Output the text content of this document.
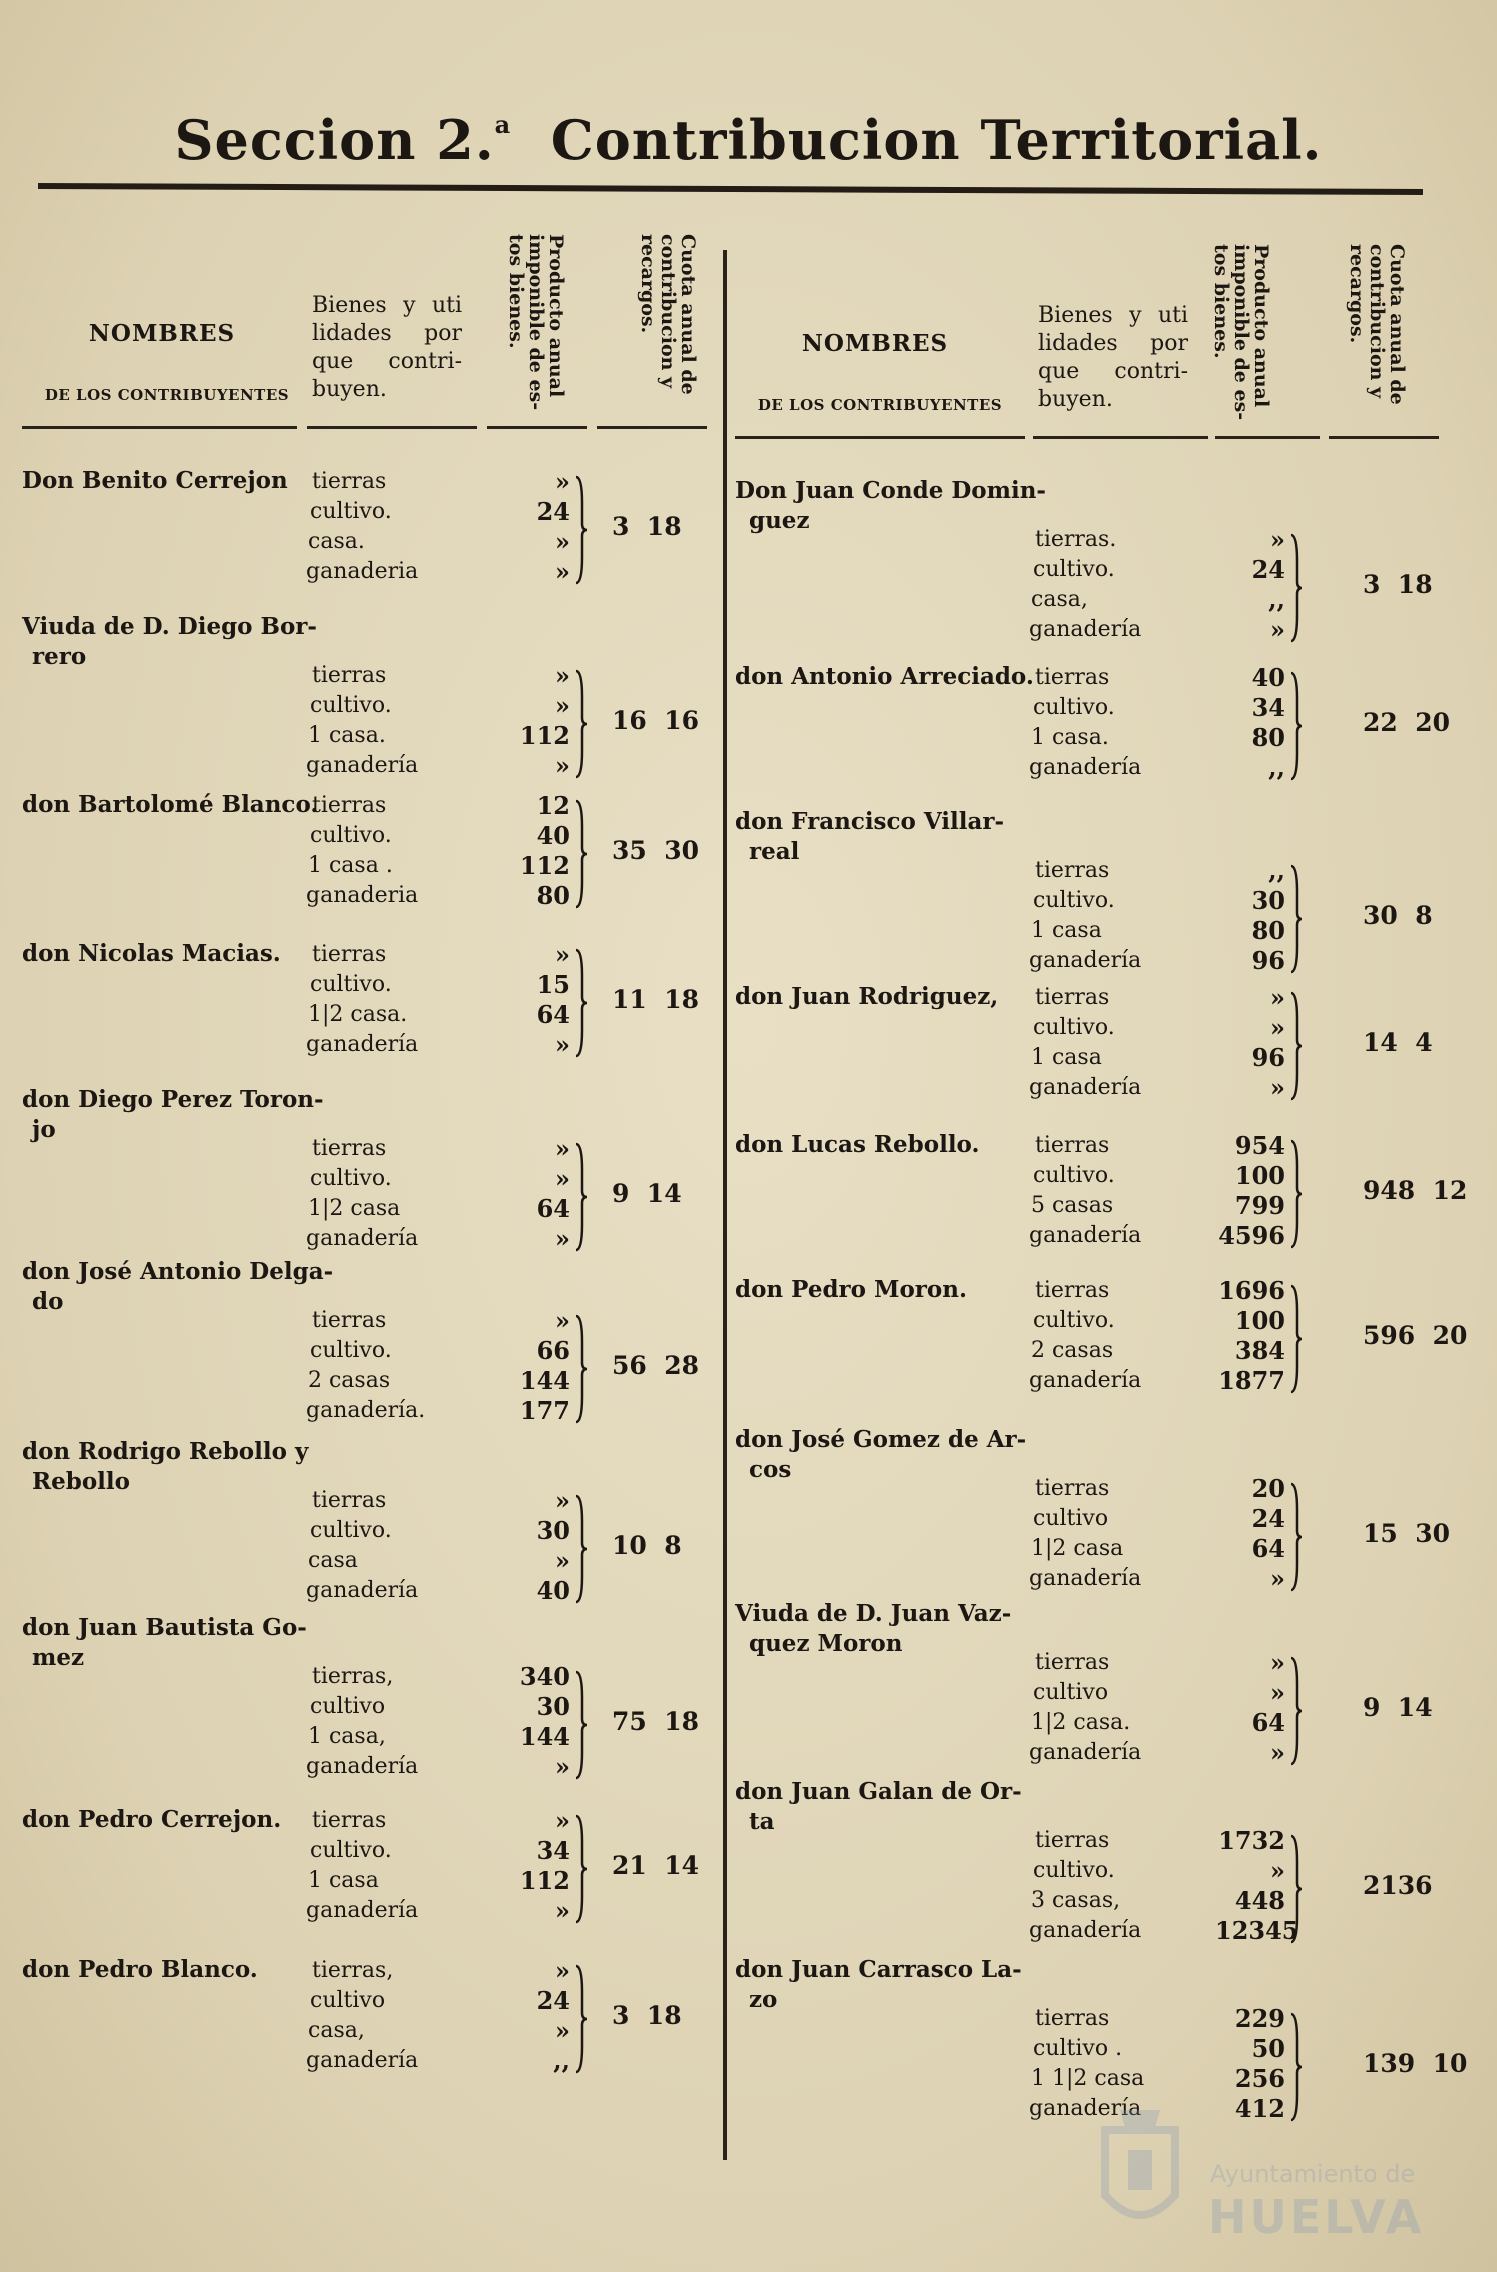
Seccion 2.$^a$ Contribucion Territorial.
NOMBRES
DE LOS CONTRIBUYENTES
Bienes y uti lidades por que contri- buyen.	Producto anual imponible de es- tos bienes.	Cuota anual de contribucion y recargos.
Don Benito Cerrejon tierras	»
cultivo.	24
casa.	»
ganaderia	»
3  18
Viuda de D. Diego Bor-
rero
tierras	»
cultivo.	»
1 casa.	112
ganadería	»
16  16
don Bartolomé Blanco.
tierras	12
cultivo.	40
1 casa .	112
ganaderia	80
35  30
don Nicolas Macias. tierras	»
cultivo.	15
1|2 casa.	64
ganadería	»
11  18
don Diego Perez Toron-
jo
tierras	»
cultivo.	»
1|2 casa	64
ganadería	»
9  14
don José Antonio Delga-
do
tierras	»
cultivo.	66
2 casas	144
ganadería.	177
56  28
don Rodrigo Rebollo y
Rebollo
tierras	»
cultivo.	30
casa	»
ganadería	40
10  8
don Juan Bautista Go-
mez
tierras,	340
cultivo	30
1 casa,	144
ganadería	»
75  18
don Pedro Cerrejon. tierras	»
cultivo.	34
1 casa	112
ganadería	»
21  14
don Pedro Blanco. tierras,	»
cultivo	24
casa,	»
ganadería	,,
3  18
NOMBRES
DE LOS CONTRIBUYENTES
Bienes y uti lidades por que contri- buyen.	Producto anual imponible de es- tos bienes.	Cuota anual de contribucion y recargos.
Don Juan Conde Domin-
guez
tierras.	»
cultivo.	24
casa,	,,
ganadería	»
3  18
don Antonio Arreciado. tierras	40
cultivo.	34
1 casa.	80
ganadería	,,
22  20
don Francisco Villar-
real
tierras	,,
cultivo.	30
1 casa	80
ganadería	96
30  8
don Juan Rodriguez, tierras	»
cultivo.	»
1 casa	96
ganadería	»
14  4
don Lucas Rebollo.	tierras	954
cultivo.	100
5 casas	799
ganadería	4596
948  12
don Pedro Moron.	tierras	1696
cultivo.	100
2 casas	384
ganadería	1877
596  20
don José Gomez de Ar-
cos
tierras	20
cultivo	24
1|2 casa	64
ganadería	»
15  30
Viuda de D. Juan Vaz-
quez Moron
tierras	»
cultivo	»
1|2 casa.	64
ganadería	»
9  14
don Juan Galan de Or-
ta
tierras	1732
cultivo.	»
3 casas,	448
ganadería	12345
2136
don Juan Carrasco La-
zo
tierras	229
cultivo .	50
1 1|2 casa	256
ganadería	412
139  10
Ayuntamiento de
HUELVA
